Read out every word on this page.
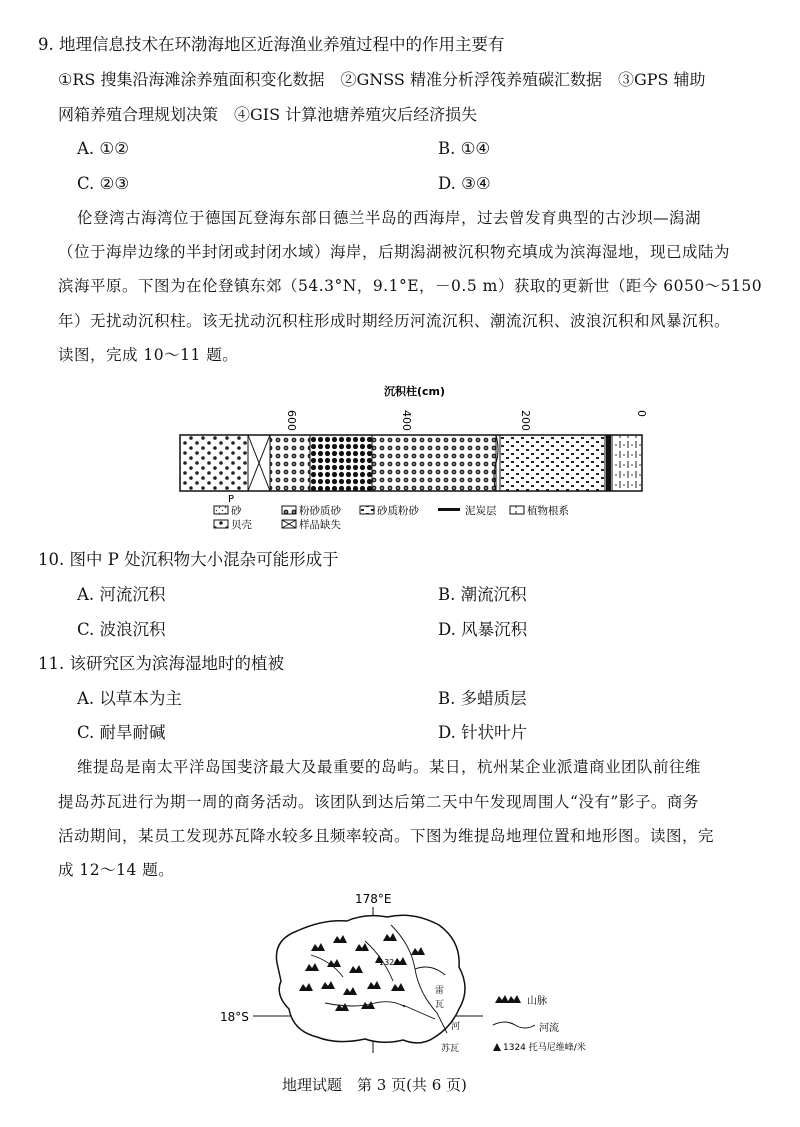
9. 地理信息技术在环渤海地区近海渔业养殖过程中的作用主要有
①RS 搜集沿海滩涂养殖面积变化数据　②GNSS 精准分析浮筏养殖碳汇数据　③GPS 辅助
网箱养殖合理规划决策　④GIS 计算池塘养殖灾后经济损失
A. ①②	B. ①④
C. ②③	D. ③④
伦登湾古海湾位于德国瓦登海东部日德兰半岛的西海岸，过去曾发育典型的古沙坝—潟湖
（位于海岸边缘的半封闭或封闭水域）海岸，后期潟湖被沉积物充填成为滨海湿地，现已成陆为
滨海平原。下图为在伦登镇东郊（54.3°N，9.1°E，－0.5 m）获取的更新世（距今 6050～5150
年）无扰动沉积柱。该无扰动沉积柱形成时期经历河流沉积、潮流沉积、波浪沉积和风暴沉积。
读图，完成 10～11 题。
沉积柱(cm)
600	400	200	0
P
砂	粉砂质砂	砂质粉砂	泥炭层	植物根系
贝壳	样品缺失
10. 图中 P 处沉积物大小混杂可能形成于
A. 河流沉积	B. 潮流沉积
C. 波浪沉积	D. 风暴沉积
11. 该研究区为滨海湿地时的植被
A. 以草本为主	B. 多蜡质层
C. 耐旱耐碱	D. 针状叶片
维提岛是南太平洋岛国斐济最大及最重要的岛屿。某日，杭州某企业派遣商业团队前往维
提岛苏瓦进行为期一周的商务活动。该团队到达后第二天中午发现周围人“没有”影子。商务
活动期间，某员工发现苏瓦降水较多且频率较高。下图为维提岛地理位置和地形图。读图，完
成 12～14 题。
178°E
18°S
1324
雷
瓦
河
苏瓦
山脉
河流
1324 托马尼维峰/米
地理试题　第 3 页(共 6 页)
